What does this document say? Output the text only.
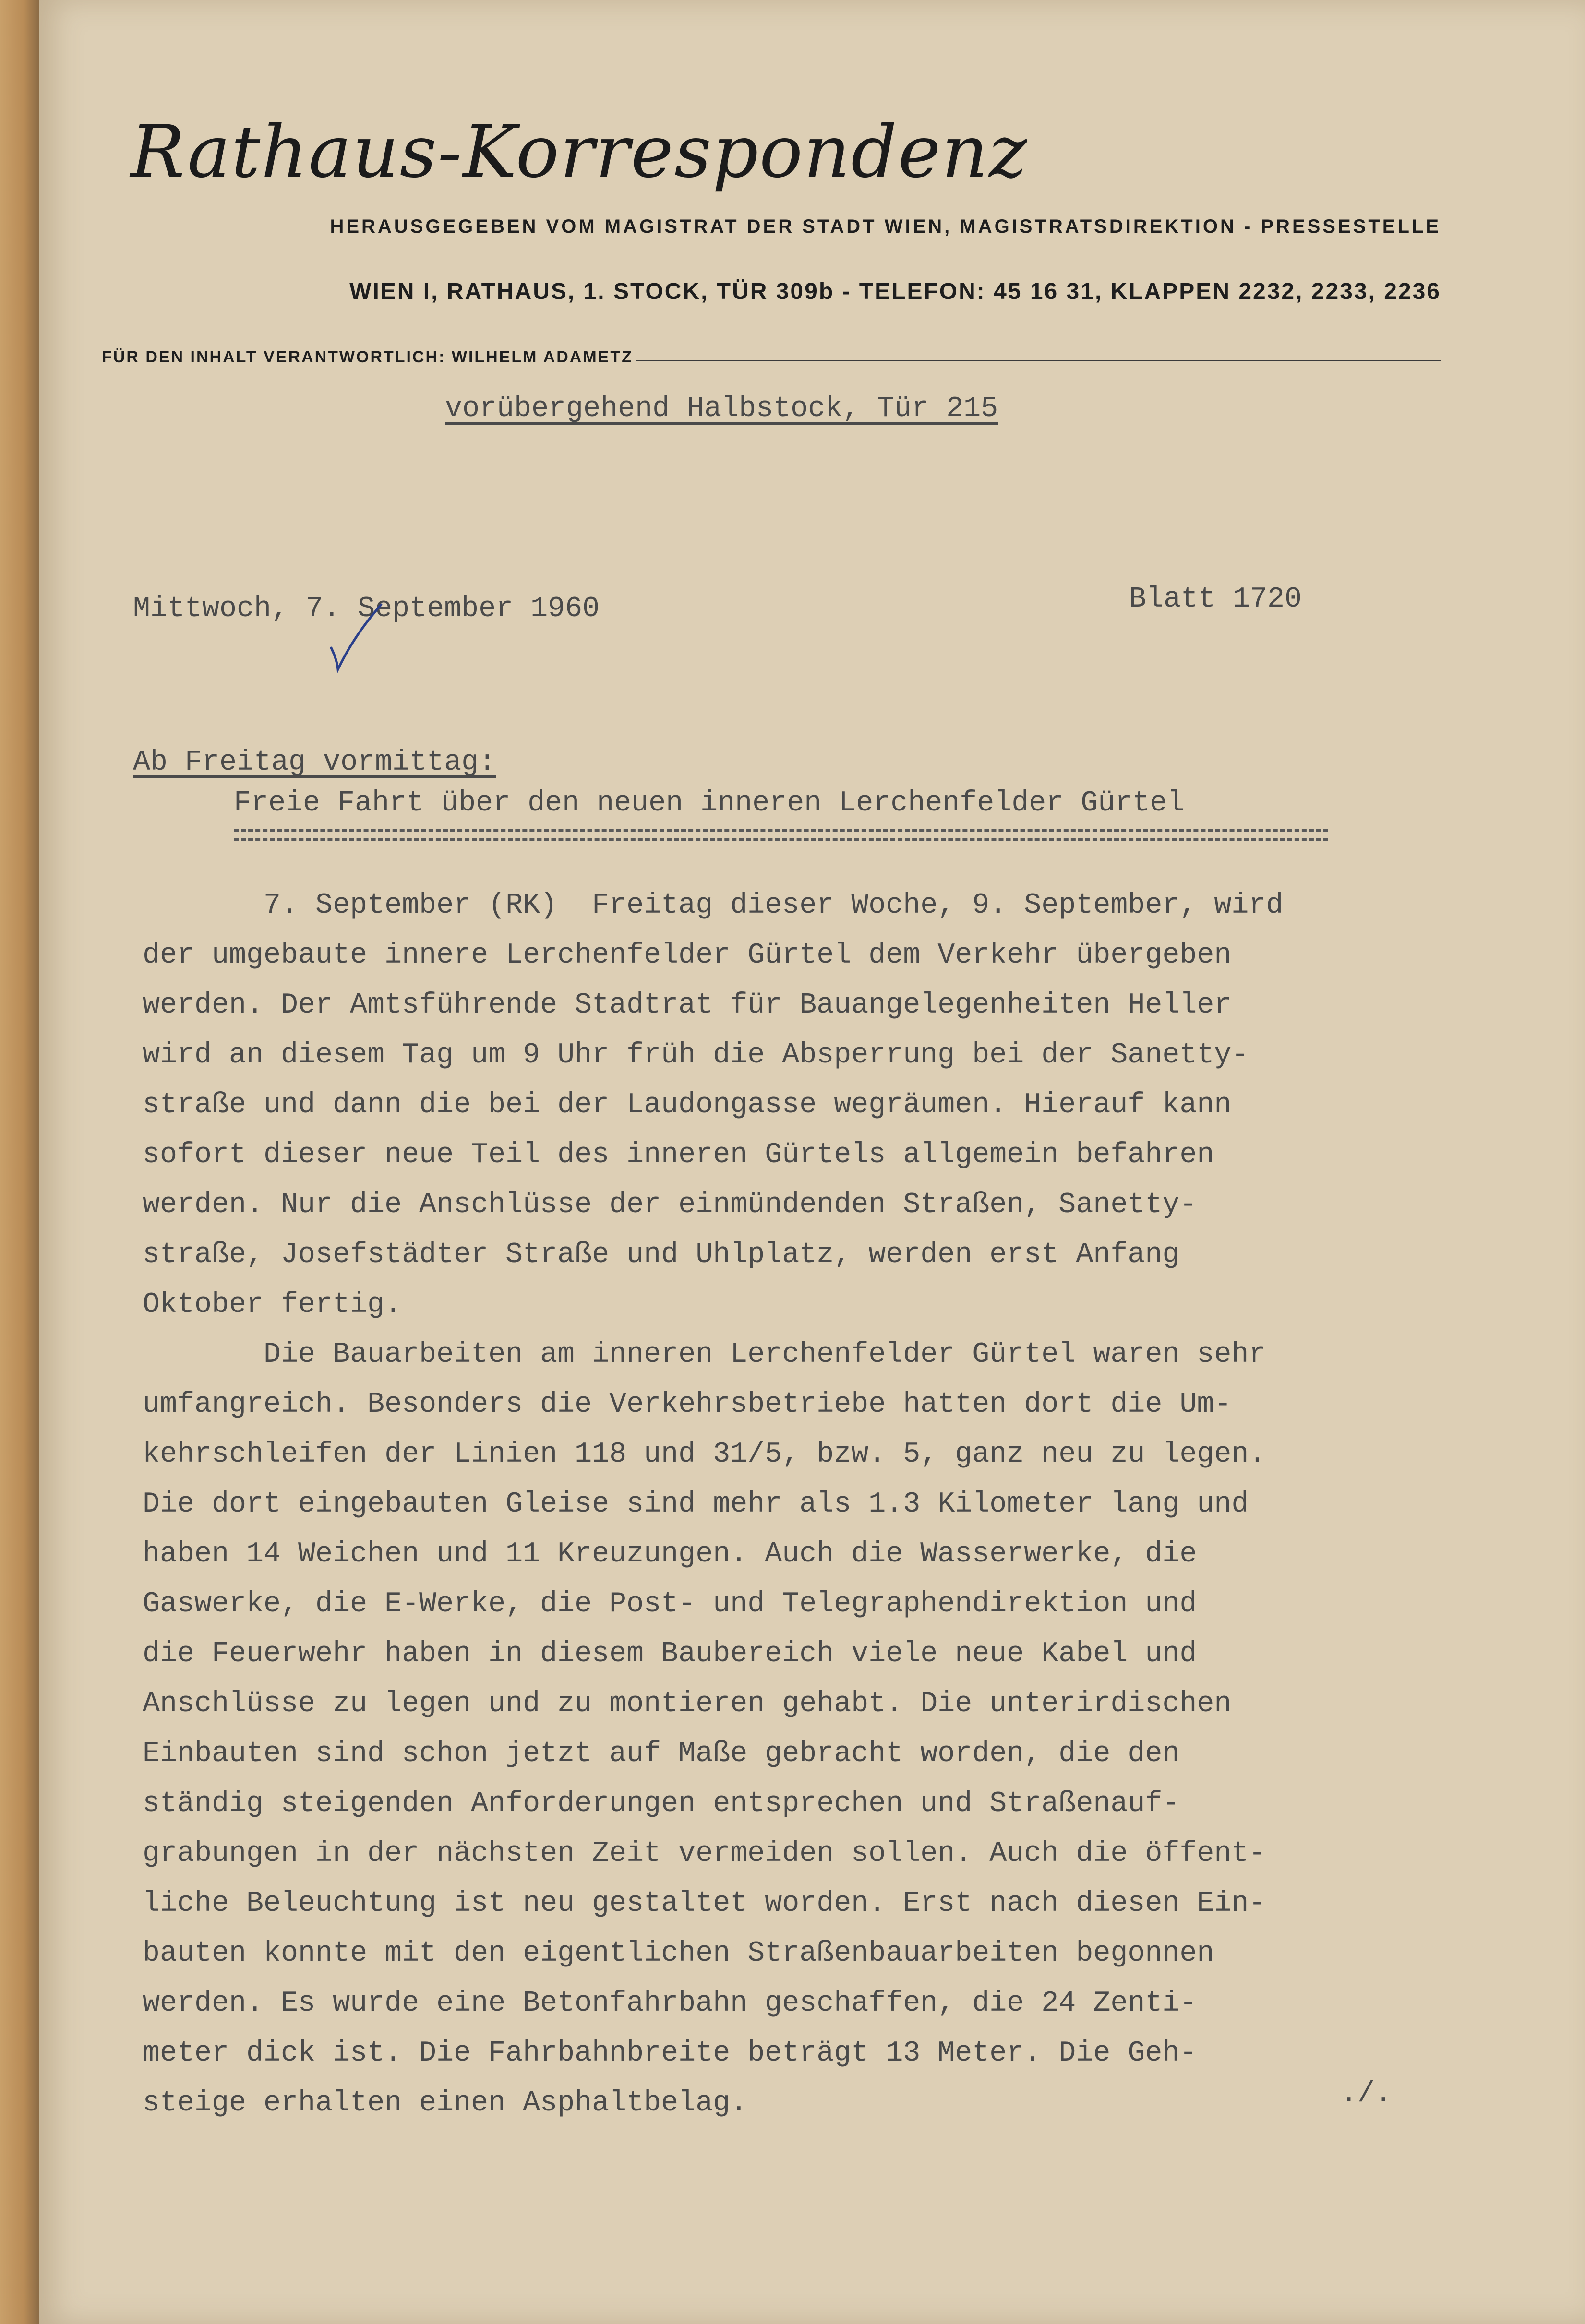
Rathaus-Korrespondenz
HERAUSGEGEBEN VOM MAGISTRAT DER STADT WIEN, MAGISTRATSDIREKTION - PRESSESTELLE
WIEN I, RATHAUS, 1. STOCK, TÜR 309b - TELEFON: 45 16 31, KLAPPEN 2232, 2233, 2236
FÜR DEN INHALT VERANTWORTLICH: WILHELM ADAMETZ
vorübergehend Halbstock, Tür 215
Mittwoch, 7. September 1960	Blatt 1720
Ab Freitag vormittag:
Freie Fahrt über den neuen inneren Lerchenfelder Gürtel
7. September (RK)  Freitag dieser Woche, 9. September, wird
der umgebaute innere Lerchenfelder Gürtel dem Verkehr übergeben
werden. Der Amtsführende Stadtrat für Bauangelegenheiten Heller
wird an diesem Tag um 9 Uhr früh die Absperrung bei der Sanetty-
straße und dann die bei der Laudongasse wegräumen. Hierauf kann
sofort dieser neue Teil des inneren Gürtels allgemein befahren
werden. Nur die Anschlüsse der einmündenden Straßen, Sanetty-
straße, Josefstädter Straße und Uhlplatz, werden erst Anfang
Oktober fertig.
Die Bauarbeiten am inneren Lerchenfelder Gürtel waren sehr
umfangreich. Besonders die Verkehrsbetriebe hatten dort die Um-
kehrschleifen der Linien 118 und 31/5, bzw. 5, ganz neu zu legen.
Die dort eingebauten Gleise sind mehr als 1.3 Kilometer lang und
haben 14 Weichen und 11 Kreuzungen. Auch die Wasserwerke, die
Gaswerke, die E-Werke, die Post- und Telegraphendirektion und
die Feuerwehr haben in diesem Baubereich viele neue Kabel und
Anschlüsse zu legen und zu montieren gehabt. Die unterirdischen
Einbauten sind schon jetzt auf Maße gebracht worden, die den
ständig steigenden Anforderungen entsprechen und Straßenauf-
grabungen in der nächsten Zeit vermeiden sollen. Auch die öffent-
liche Beleuchtung ist neu gestaltet worden. Erst nach diesen Ein-
bauten konnte mit den eigentlichen Straßenbauarbeiten begonnen
werden. Es wurde eine Betonfahrbahn geschaffen, die 24 Zenti-
meter dick ist. Die Fahrbahnbreite beträgt 13 Meter. Die Geh-
steige erhalten einen Asphaltbelag.	./.
